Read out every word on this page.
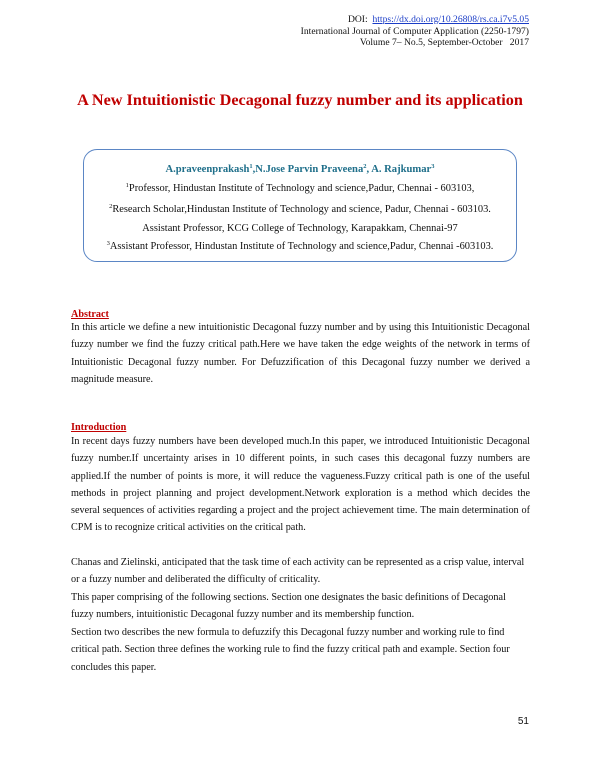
DOI: https://dx.doi.org/10.26808/rs.ca.i7v5.05
International Journal of Computer Application (2250-1797)
Volume 7– No.5, September-October   2017
A New Intuitionistic Decagonal fuzzy number and its application
A.praveenprakash$^1$,N.Jose Parvin Praveena$^2$, A. Rajkumar$^3$
$^1$Professor, Hindustan Institute of Technology and science,Padur, Chennai - 603103,
$^2$Research Scholar,Hindustan Institute of Technology and science, Padur, Chennai - 603103.
Assistant Professor, KCG College of Technology, Karapakkam, Chennai-97
$^3$Assistant Professor, Hindustan Institute of Technology and science,Padur, Chennai -603103.
Abstract

In this article we define a new intuitionistic Decagonal fuzzy number and by using this Intuitionistic Decagonal fuzzy number we find the fuzzy critical path.Here we have taken the edge weights of the network in terms of Intuitionistic Decagonal fuzzy number. For Defuzzification of this Decagonal fuzzy number we derived a magnitude measure.

Introduction

In recent days fuzzy numbers have been developed much.In this paper, we introduced Intuitionistic Decagonal fuzzy number.If uncertainty arises in 10 different points, in such cases this decagonal fuzzy numbers are applied.If the number of points is more, it will reduce the vagueness.Fuzzy critical path is one of the useful methods in project planning and project development.Network exploration is a method which decides the several sequences of activities regarding a project and the project achievement time. The main determination of CPM is to recognize critical activities on the critical path.

Chanas and Zielinski, anticipated that the task time of each activity can be represented as a crisp value, interval or a fuzzy number and deliberated the difficulty of criticality.

This paper comprising of the following sections. Section one designates the basic definitions of Decagonal fuzzy numbers, intuitionistic Decagonal fuzzy number and its membership function.

Section two describes the new formula to defuzzify this Decagonal fuzzy number and working rule to find critical path. Section three defines the working rule to find the fuzzy critical path and example. Section four concludes this paper.

51
